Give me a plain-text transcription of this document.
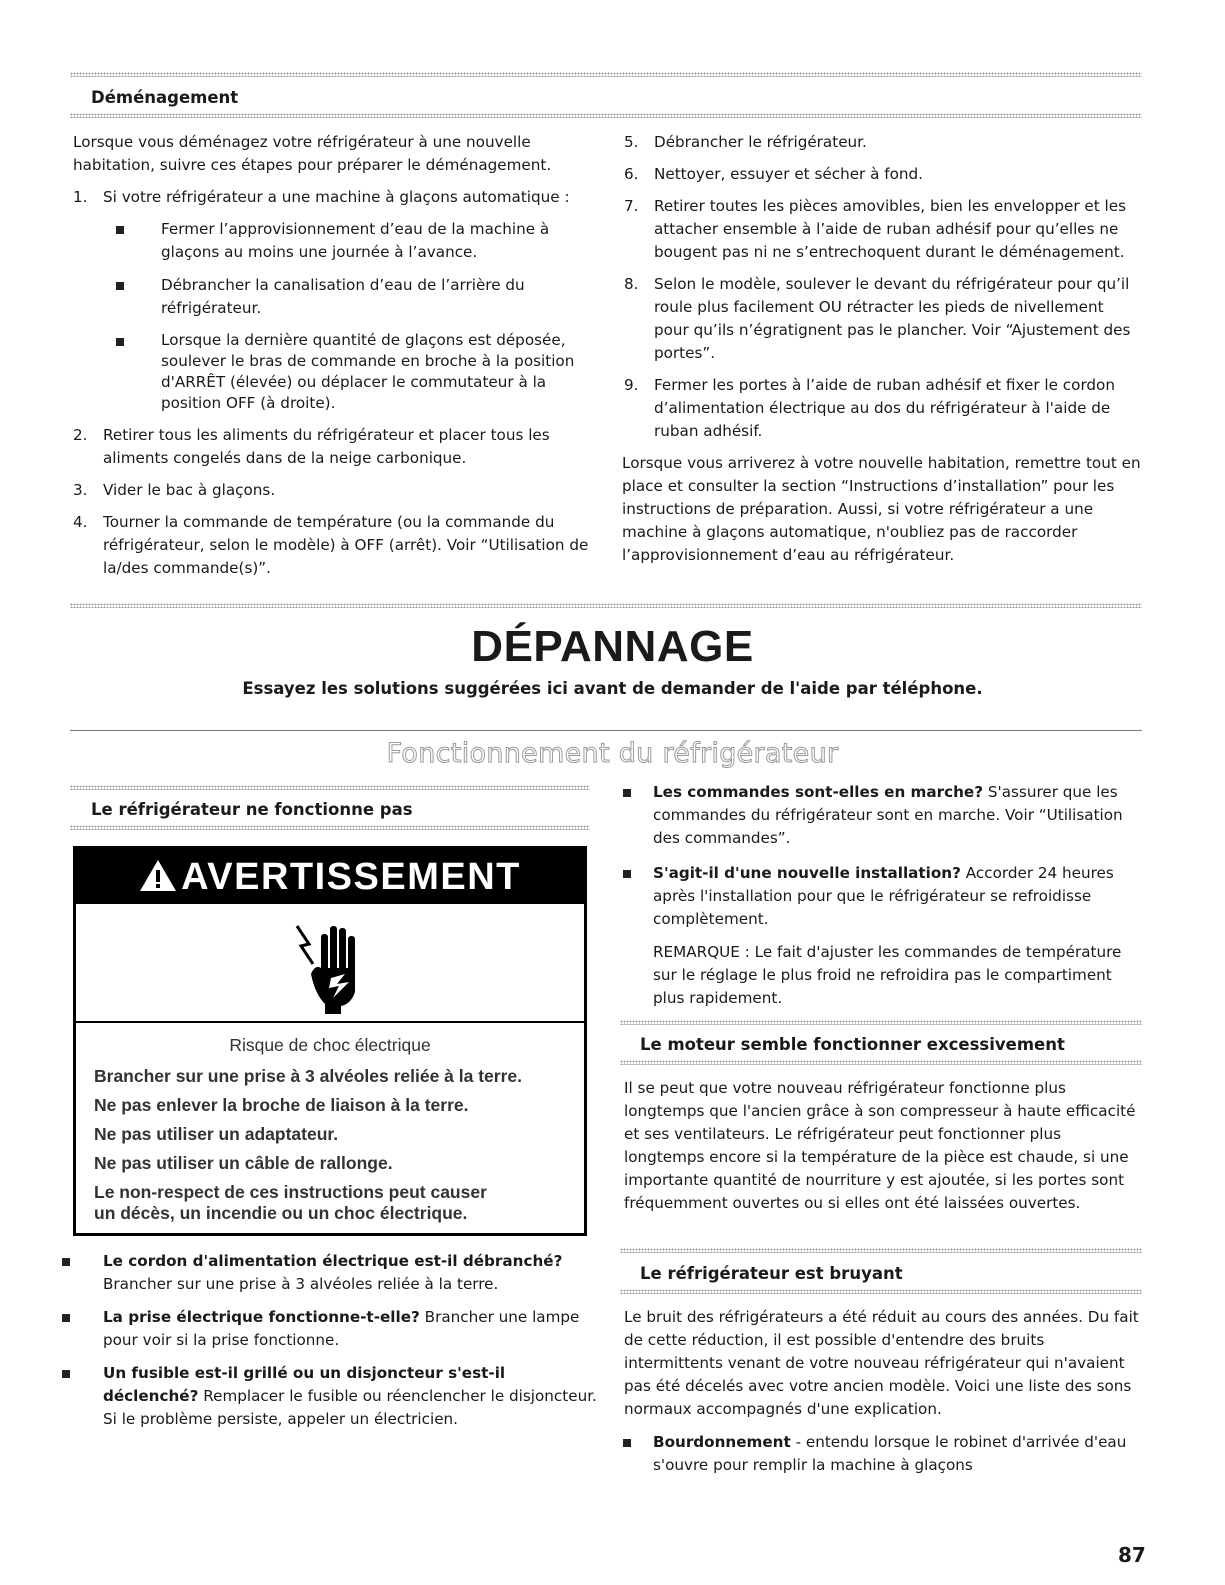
Déménagement

Lorsque vous déménagez votre réfrigérateur à une nouvelle habitation, suivre ces étapes pour préparer le déménagement.

1. Si votre réfrigérateur a une machine à glaçons automatique :
Fermer l’approvisionnement d’eau de la machine à glaçons au moins une journée à l’avance.
Débrancher la canalisation d’eau de l’arrière du réfrigérateur.
Lorsque la dernière quantité de glaçons est déposée, soulever le bras de commande en broche à la position d'ARRÊT (élevée) ou déplacer le commutateur à la position OFF (à droite).
2. Retirer tous les aliments du réfrigérateur et placer tous les aliments congelés dans de la neige carbonique.
3. Vider le bac à glaçons.
4. Tourner la commande de température (ou la commande du réfrigérateur, selon le modèle) à OFF (arrêt). Voir “Utilisation de la/des commande(s)”.
5. Débrancher le réfrigérateur.
6. Nettoyer, essuyer et sécher à fond.
7. Retirer toutes les pièces amovibles, bien les envelopper et les attacher ensemble à l’aide de ruban adhésif pour qu’elles ne bougent pas ni ne s’entrechoquent durant le déménagement.
8. Selon le modèle, soulever le devant du réfrigérateur pour qu’il roule plus facilement OU rétracter les pieds de nivellement pour qu’ils n’égratignent pas le plancher. Voir “Ajustement des portes”.
9. Fermer les portes à l’aide de ruban adhésif et fixer le cordon d’alimentation électrique au dos du réfrigérateur à l'aide de ruban adhésif.

Lorsque vous arriverez à votre nouvelle habitation, remettre tout en place et consulter la section “Instructions d’installation” pour les instructions de préparation. Aussi, si votre réfrigérateur a une machine à glaçons automatique, n'oubliez pas de raccorder l’approvisionnement d’eau au réfrigérateur.

DÉPANNAGE
Essayez les solutions suggérées ici avant de demander de l'aide par téléphone.
Fonctionnement du réfrigérateur
Le réfrigérateur ne fonctionne pas
AVERTISSEMENT
Risque de choc électrique
Brancher sur une prise à 3 alvéoles reliée à la terre.
Ne pas enlever la broche de liaison à la terre.
Ne pas utiliser un adaptateur.
Ne pas utiliser un câble de rallonge.
Le non-respect de ces instructions peut causer
un décès, un incendie ou un choc électrique.
Le cordon d'alimentation électrique est-il débranché? Brancher sur une prise à 3 alvéoles reliée à la terre.
La prise électrique fonctionne-t-elle? Brancher une lampe pour voir si la prise fonctionne.
Un fusible est-il grillé ou un disjoncteur s'est-il déclenché? Remplacer le fusible ou réenclencher le disjoncteur. Si le problème persiste, appeler un électricien.
Les commandes sont-elles en marche? S'assurer que les commandes du réfrigérateur sont en marche. Voir “Utilisation des commandes”.
S'agit-il d'une nouvelle installation? Accorder 24 heures après l'installation pour que le réfrigérateur se refroidisse complètement.

REMARQUE : Le fait d'ajuster les commandes de température sur le réglage le plus froid ne refroidira pas le compartiment plus rapidement.

Le moteur semble fonctionner excessivement

Il se peut que votre nouveau réfrigérateur fonctionne plus longtemps que l'ancien grâce à son compresseur à haute efficacité et ses ventilateurs. Le réfrigérateur peut fonctionner plus longtemps encore si la température de la pièce est chaude, si une importante quantité de nourriture y est ajoutée, si les portes sont fréquemment ouvertes ou si elles ont été laissées ouvertes.

Le réfrigérateur est bruyant

Le bruit des réfrigérateurs a été réduit au cours des années. Du fait de cette réduction, il est possible d'entendre des bruits intermittents venant de votre nouveau réfrigérateur qui n'avaient pas été décelés avec votre ancien modèle. Voici une liste des sons normaux accompagnés d'une explication.

Bourdonnement - entendu lorsque le robinet d'arrivée d'eau s'ouvre pour remplir la machine à glaçons
87
